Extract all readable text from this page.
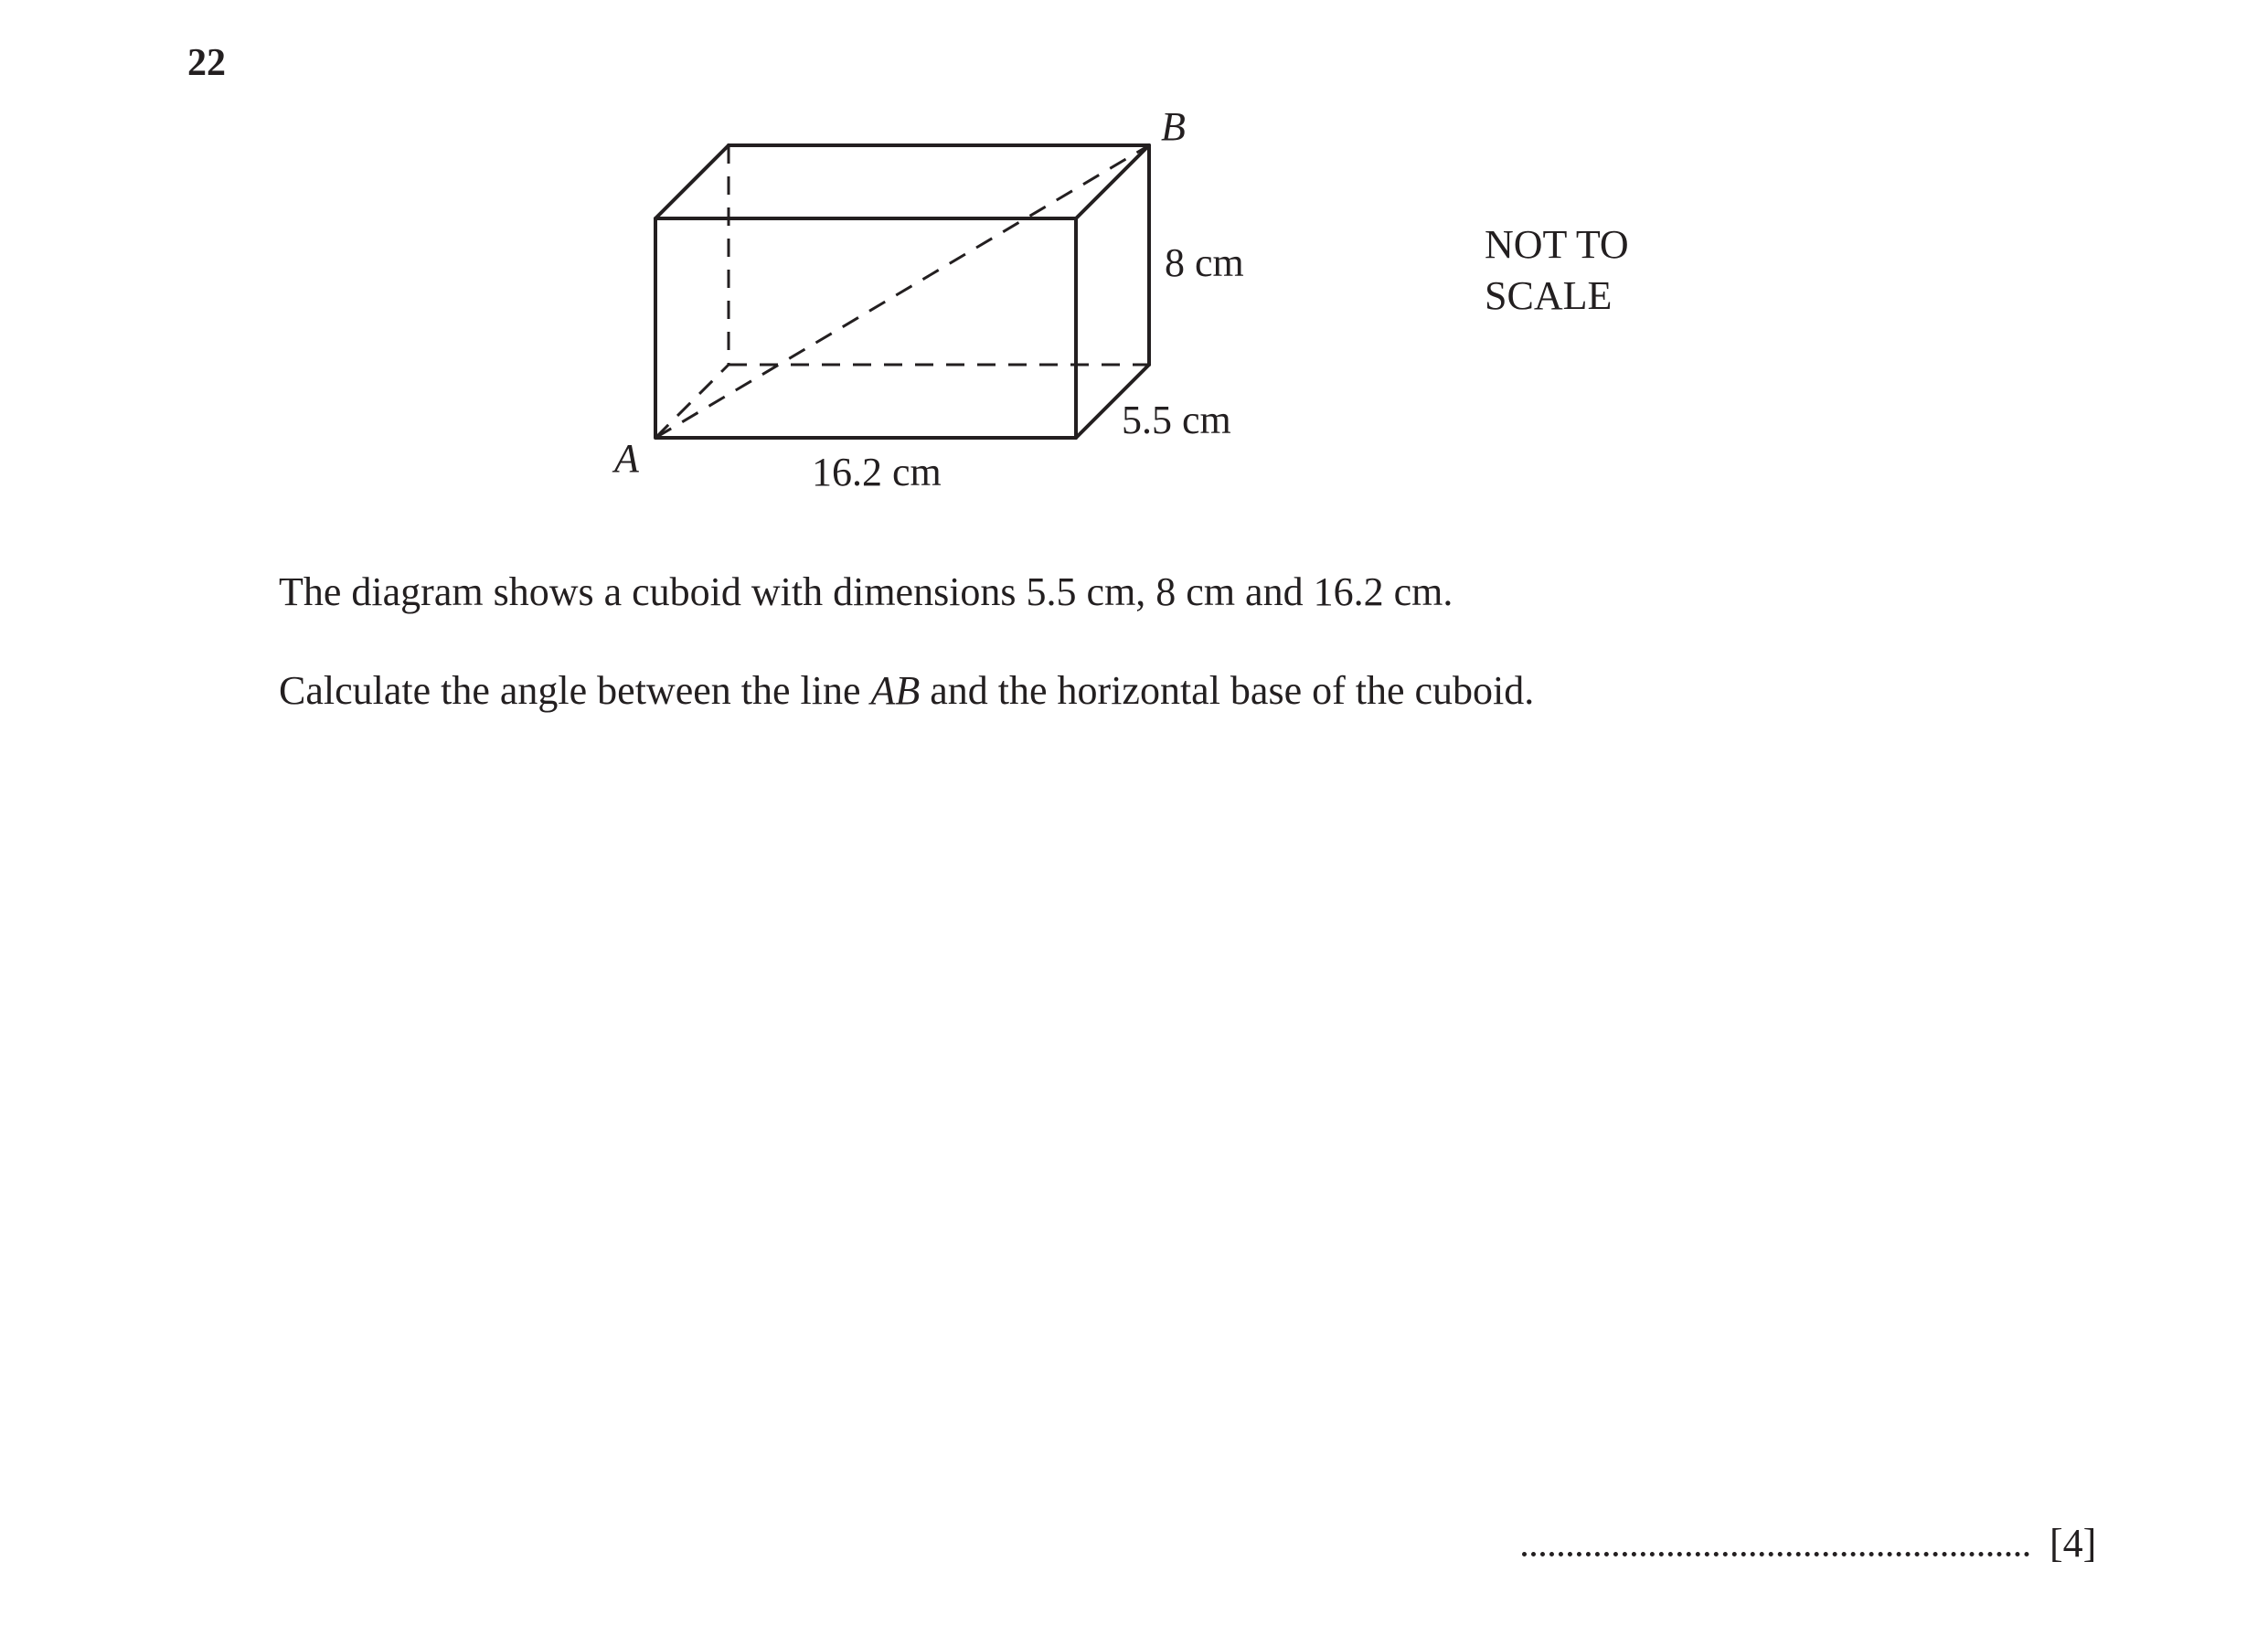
22
B
A	16.2 cm
8 cm
5.5 cm
NOT TO
SCALE
The diagram shows a cuboid with dimensions 5.5 cm, 8 cm and 16.2 cm.
Calculate the angle between the line AB and the horizontal base of the cuboid.
[4]
